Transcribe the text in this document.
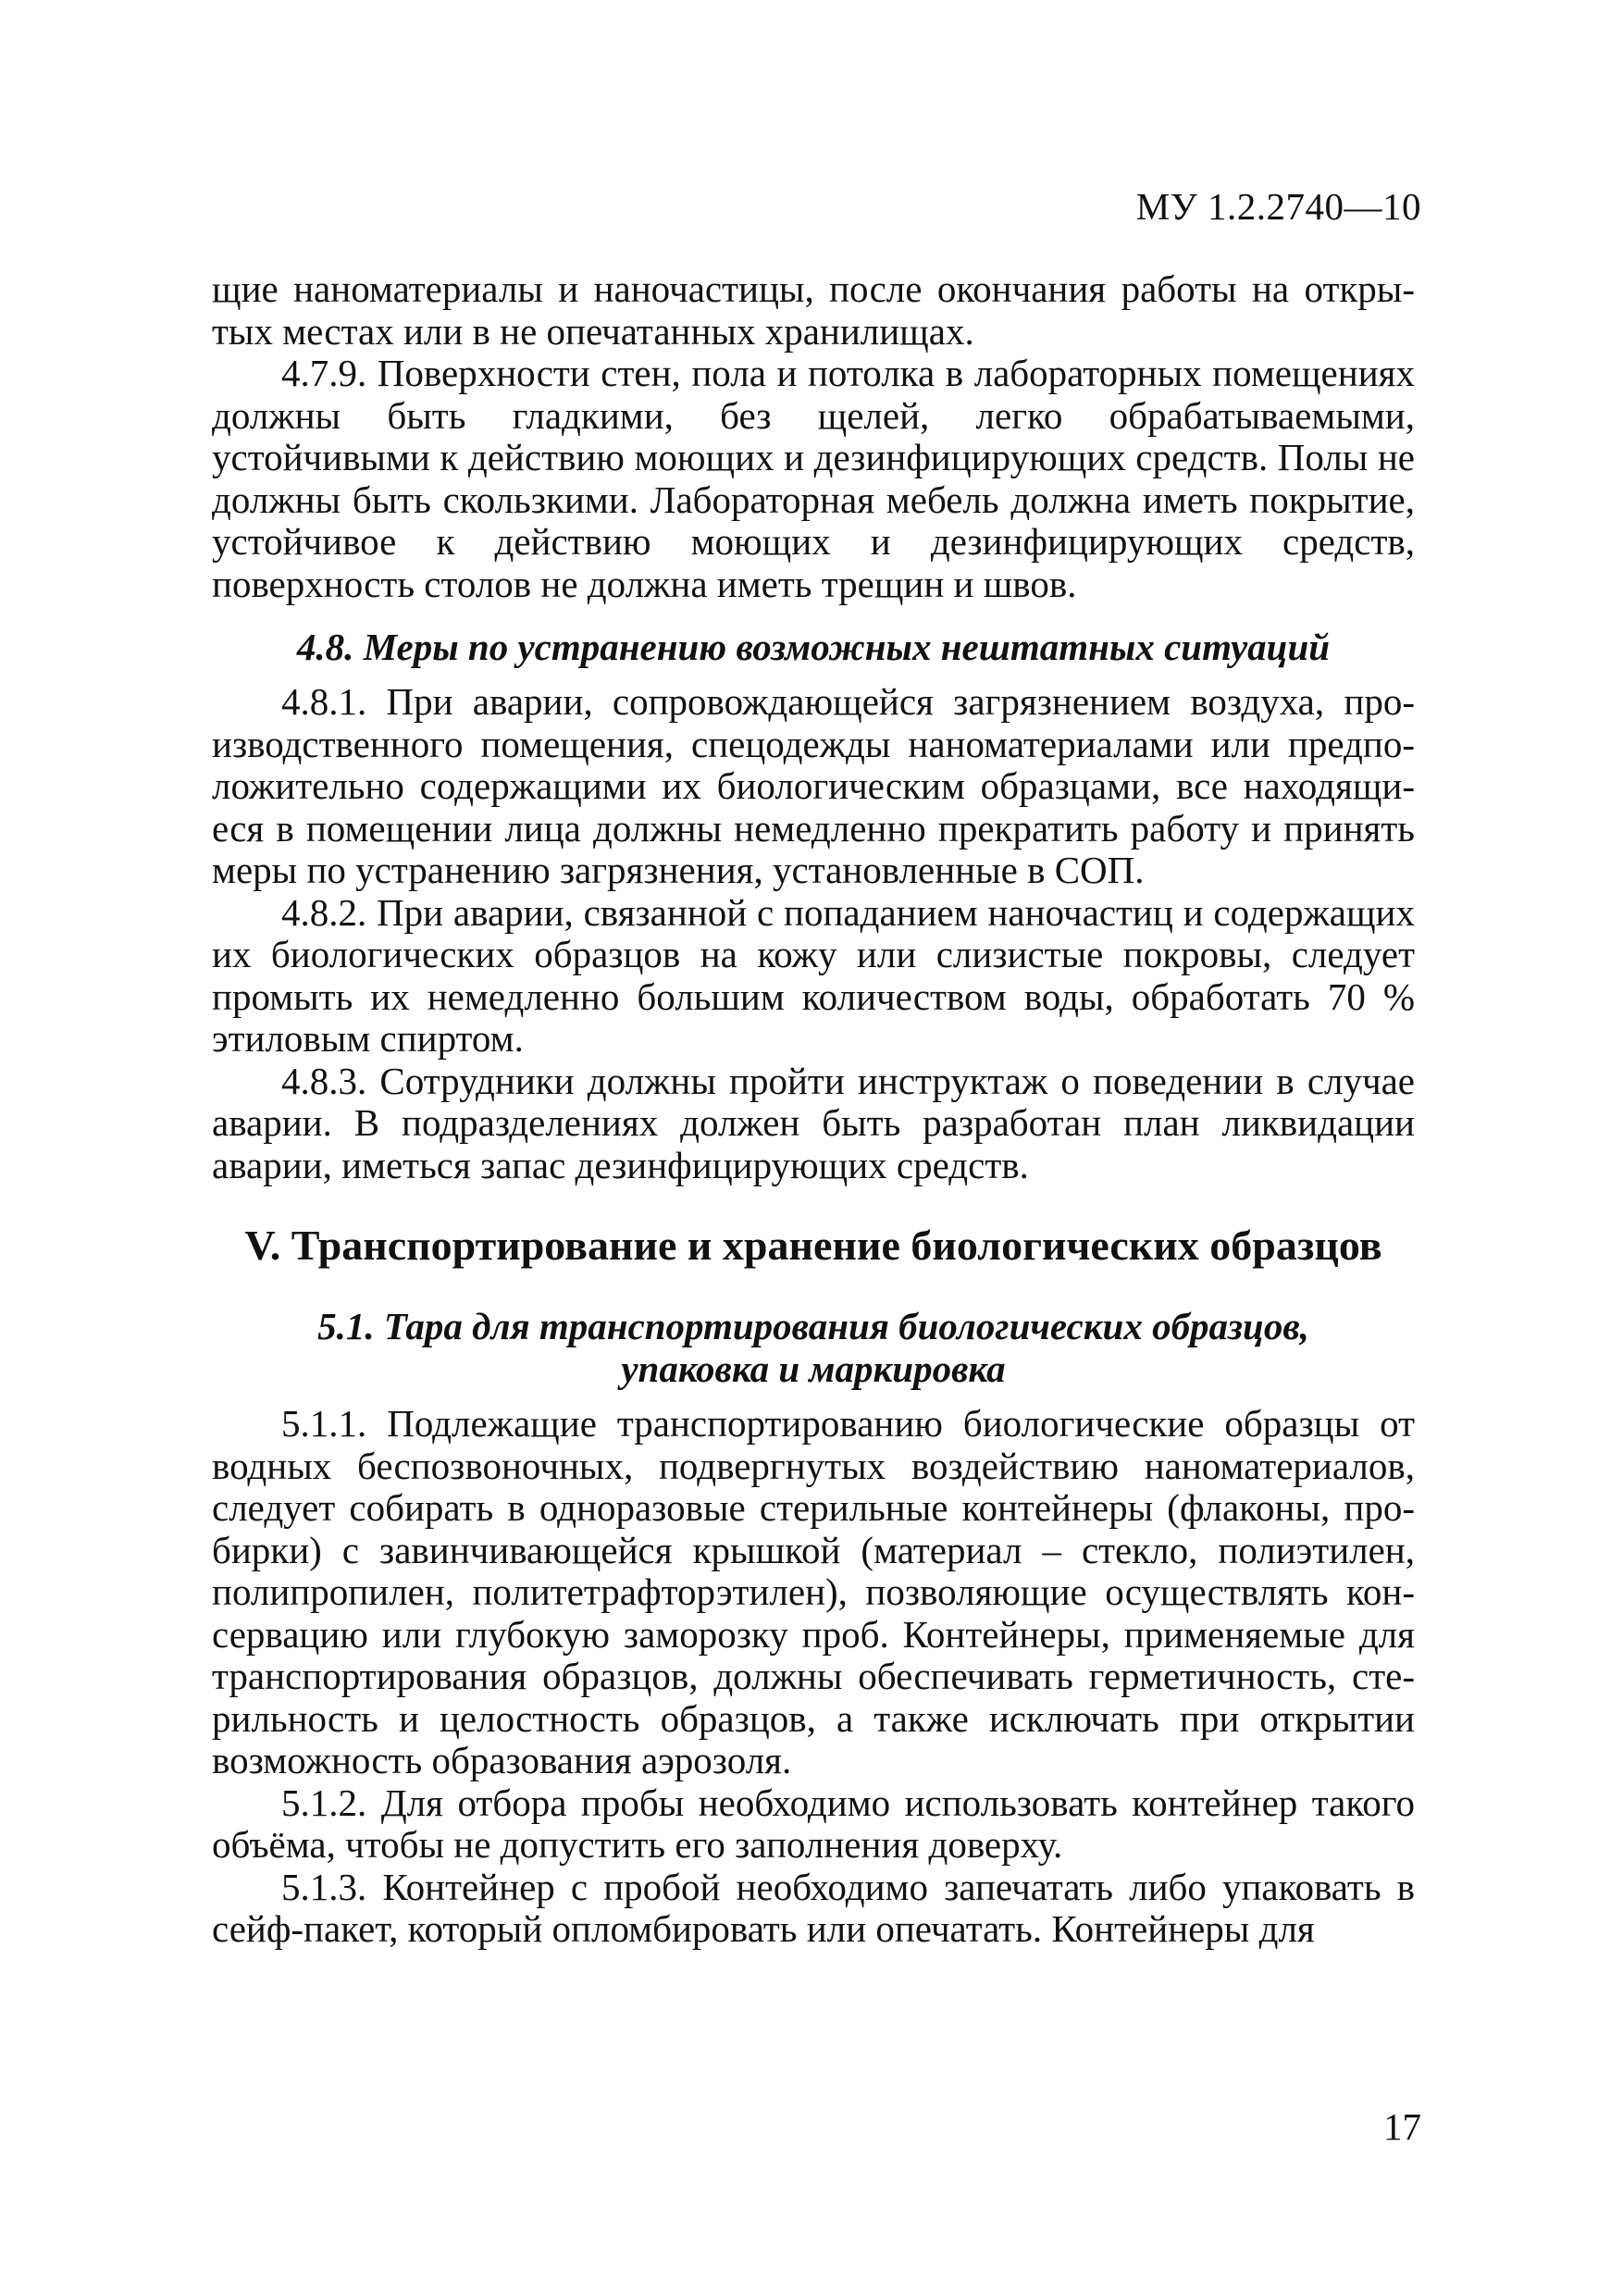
МУ 1.2.2740—10

щие наноматериалы и наночастицы, после окончания работы на открытых местах или в не опечатанных хранилищах.

4.7.9. Поверхности стен, пола и потолка в лабораторных помещениях должны быть гладкими, без щелей, легко обрабатываемыми, устойчивыми к действию моющих и дезинфицирующих средств. Полы не должны быть скользкими. Лабораторная мебель должна иметь покрытие, устойчивое к действию моющих и дезинфицирующих средств, поверхность столов не должна иметь трещин и швов.

4.8. Меры по устранению возможных нештатных ситуаций

4.8.1. При аварии, сопровождающейся загрязнением воздуха, производственного помещения, спецодежды наноматериалами или предположительно содержащими их биологическим образцами, все находящиеся в помещении лица должны немедленно прекратить работу и принять меры по устранению загрязнения, установленные в СОП.

4.8.2. При аварии, связанной с попаданием наночастиц и содержащих их биологических образцов на кожу или слизистые покровы, следует промыть их немедленно большим количеством воды, обработать 70 % этиловым спиртом.

4.8.3. Сотрудники должны пройти инструктаж о поведении в случае аварии. В подразделениях должен быть разработан план ликвидации аварии, иметься запас дезинфицирующих средств.

V. Транспортирование и хранение биологических образцов

5.1. Тара для транспортирования биологических образцов,
упаковка и маркировка

5.1.1. Подлежащие транспортированию биологические образцы от водных беспозвоночных, подвергнутых воздействию наноматериалов, следует собирать в одноразовые стерильные контейнеры (флаконы, пробирки) с завинчивающейся крышкой (материал – стекло, полиэтилен, полипропилен, политетрафторэтилен), позволяющие осуществлять консервацию или глубокую заморозку проб. Контейнеры, применяемые для транспортирования образцов, должны обеспечивать герметичность, стерильность и целостность образцов, а также исключать при открытии возможность образования аэрозоля.

5.1.2. Для отбора пробы необходимо использовать контейнер такого объёма, чтобы не допустить его заполнения доверху.

5.1.3. Контейнер с пробой необходимо запечатать либо упаковать в сейф-пакет, который опломбировать или опечатать. Контейнеры для

17
